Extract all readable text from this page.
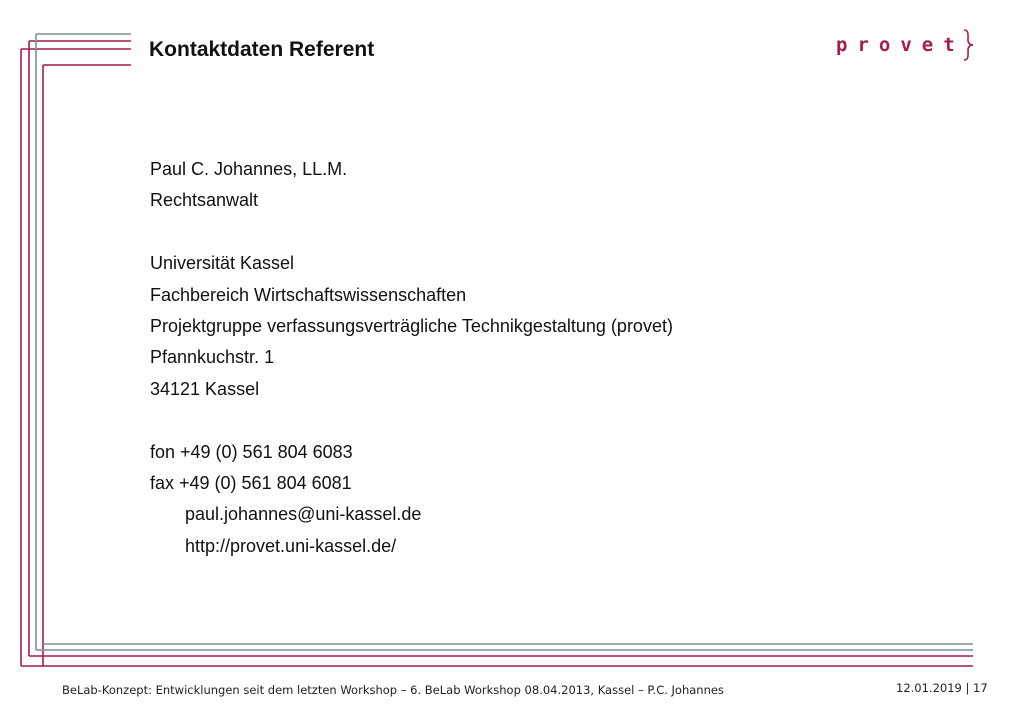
Kontaktdaten Referent	provet
Paul C. Johannes, LL.M.
Rechtsanwalt
Universität Kassel
Fachbereich Wirtschaftswissenschaften
Projektgruppe verfassungsverträgliche Technikgestaltung (provet)
Pfannkuchstr. 1
34121 Kassel
fon +49 (0) 561 804 6083
fax +49 (0) 561 804 6081
paul.johannes@uni-kassel.de
http://provet.uni-kassel.de/
BeLab-Konzept: Entwicklungen seit dem letzten Workshop – 6. BeLab Workshop 08.04.2013, Kassel – P.C. Johannes	12.01.2019 | 17
